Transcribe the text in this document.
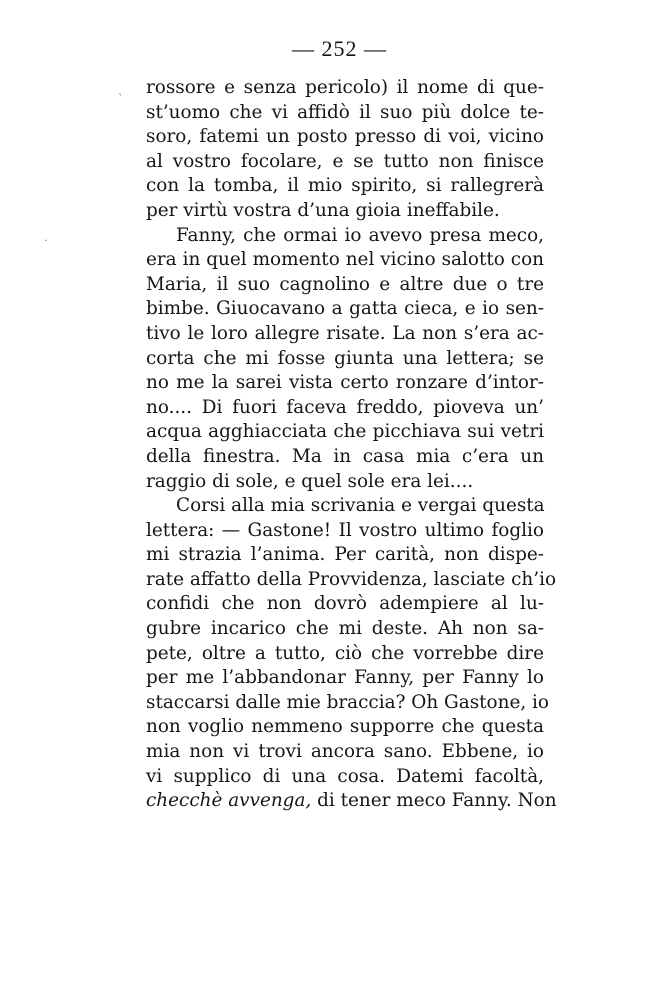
— 252 —
ˋ
·
rossore e senza pericolo) il nome di que-
st’uomo che vi affidò il suo più dolce te-
soro, fatemi un posto presso di voi, vicino
al vostro focolare, e se tutto non finisce
con la tomba, il mio spirito, si rallegrerà
per virtù vostra d’una gioia ineffabile.
Fanny, che ormai io avevo presa meco,
era in quel momento nel vicino salotto con
Maria, il suo cagnolino e altre due o tre
bimbe. Giuocavano a gatta cieca, e io sen-
tivo le loro allegre risate. La non s’era ac-
corta che mi fosse giunta una lettera; se
no me la sarei vista certo ronzare d’intor-
no.... Di fuori faceva freddo, pioveva un’
acqua agghiacciata che picchiava sui vetri
della finestra. Ma in casa mia c’era un
raggio di sole, e quel sole era lei....
Corsi alla mia scrivania e vergai questa
lettera: — Gastone! Il vostro ultimo foglio
mi strazia l’anima. Per carità, non dispe-
rate affatto della Provvidenza, lasciate ch’io
confidi che non dovrò adempiere al lu-
gubre incarico che mi deste. Ah non sa-
pete, oltre a tutto, ciò che vorrebbe dire
per me l’abbandonar Fanny, per Fanny lo
staccarsi dalle mie braccia? Oh Gastone, io
non voglio nemmeno supporre che questa
mia non vi trovi ancora sano. Ebbene, io
vi supplico di una cosa. Datemi facoltà,
checchè avvenga, di tener meco Fanny. Non
